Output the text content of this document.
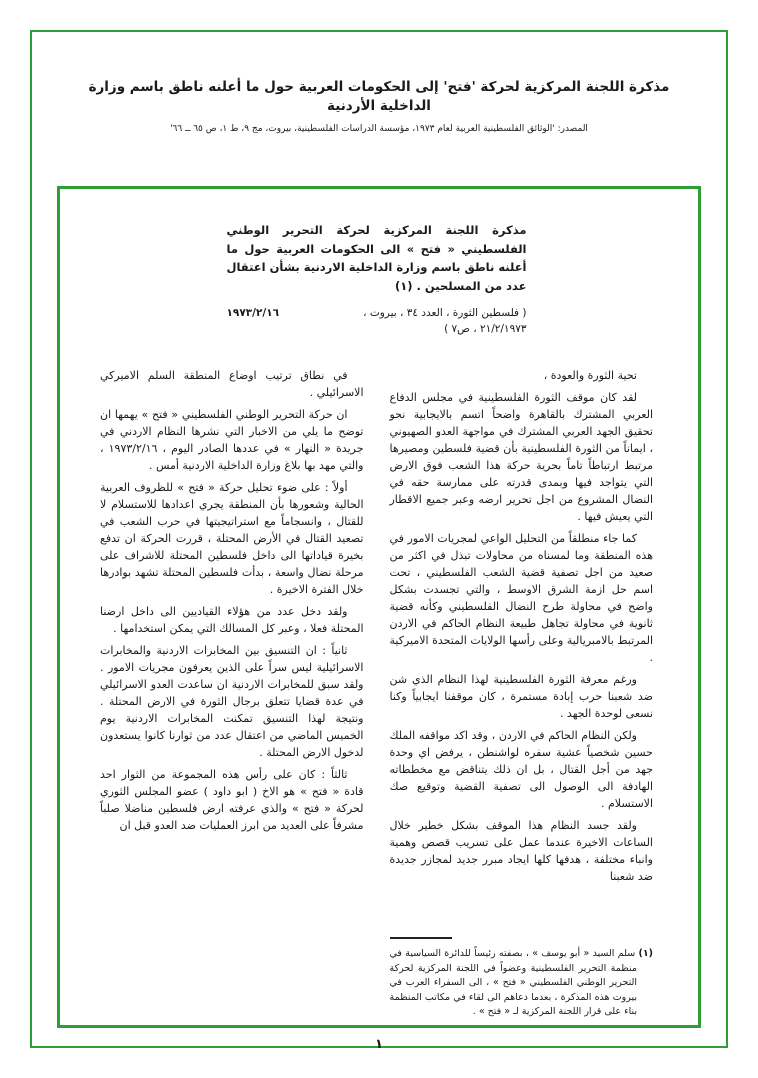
مذكرة اللجنة المركزية لحركة 'فتح' إلى الحكومات العربية حول ما أعلنه ناطق باسم وزارة الداخلية الأردنية
المصدر: 'الوثائق الفلسطينية العربية لعام ١٩٧٣، مؤسسة الدراسات الفلسطينية، بيروت، مج ٩، ط ١، ص ٦٥ ــ ٦٦'
مذكرة اللجنة المركزية لحركة التحرير الوطني الفلسطيني « فتح » الى الحكومات العربية حول ما أعلنه ناطق باسم وزارة الداخلية الاردنية بشأن اعتقال عدد من المسلحين . (١)
( فلسطين الثورة ، العدد ٣٤ ، بيروت ، ٢١/٢/١٩٧٣ ، ص٧ )
١٩٧٣/٢/١٦

تحية الثورة والعودة ،

لقد كان موقف الثورة الفلسطينية في مجلس الدفاع العربي المشترك بالقاهرة واضحاً اتسم بالايجابية نحو تحقيق الجهد العربي المشترك في مواجهة العدو الصهيوني ، ايماناً من الثورة الفلسطينية بأن قضية فلسطين ومصيرها مرتبط ارتباطاً تاماً بحرية حركة هذا الشعب فوق الارض التي يتواجد فيها وبمدى قدرته على ممارسة حقه في النضال المشروع من اجل تحرير ارضه وعبر جميع الاقطار التي يعيش فيها .

كما جاء منطلقاً من التحليل الواعي لمجريات الامور في هذه المنطقة وما لمسناه من محاولات تبذل في اكثر من صعيد من اجل تصفية قضية الشعب الفلسطيني ، تحت اسم حل ازمة الشرق الاوسط ، والتي تجسدت بشكل واضح في محاولة طرح النضال الفلسطيني وكأنه قضية ثانوية في محاولة تجاهل طبيعة النظام الحاكم في الاردن المرتبط بالامبريالية وعلى رأسها الولايات المتحدة الاميركية .

ورغم معرفة الثورة الفلسطينية لهذا النظام الذي شن ضد شعبنا حرب إبادة مستمرة ، كان موقفنا ايجابياً وكنا نسعى لوحدة الجهد .

ولكن النظام الحاكم في الاردن ، وقد اكد مواقفه الملك حسين شخصياً عشية سفره لواشنطن ، يرفض اي وحدة جهد من أجل القتال ، بل ان ذلك يتناقض مع مخططاته الهادفة الى الوصول الى تصفية القضية وتوقيع صك الاستسلام .

ولقد جسد النظام هذا الموقف بشكل خطير خلال الساعات الاخيرة عندما عمل على تسريب قصص وهمية وانباء مختلفة ، هدفها كلها ايجاد مبرر جديد لمجازر جديدة ضد شعبنا

(١) سلم السيد « أبو يوسف » ، بصفته رئيساً للدائرة السياسية في منظمة التحرير الفلسطينية وعضواً في اللجنة المركزية لحركة التحرير الوطني الفلسطيني « فتح » ، الى السفراء العرب في بيروت هذه المذكرة ، بعدما دعاهم الى لقاء في مكاتب المنظمة بناء على قرار اللجنة المركزية لـ « فتح » .

في نطاق ترتيب اوضاع المنطقة السلم الاميركي الاسرائيلي .

ان حركة التحرير الوطني الفلسطيني « فتح » يهمها ان توضح ما يلي من الاخبار التي نشرها النظام الاردني في جريدة « النهار » في عددها الصادر اليوم ، ١٩٧٣/٢/١٦ ، والتي مهد بها بلاغ وزارة الداخلية الاردنية أمس .

أولاً : على ضوء تحليل حركة « فتح » للظروف العربية الحالية وشعورها بأن المنطقة يجري اعدادها للاستسلام لا للقتال ، وانسجاماً مع استراتيجيتها في حرب الشعب في تصعيد القتال في الأرض المحتلة ، قررت الحركة ان تدفع بخيرة قياداتها الى داخل فلسطين المحتلة للاشراف على مرحلة نضال واسعة ، بدأت فلسطين المحتلة تشهد بوادرها خلال الفترة الاخيرة .

ولقد دخل عدد من هؤلاء القياديين الى داخل ارضنا المحتلة فعلا ، وعبر كل المسالك التي يمكن استخدامها .

ثانياً : ان التنسيق بين المخابرات الاردنية والمخابرات الاسرائيلية ليس سراً على الذين يعرفون مجريات الامور . ولقد سبق للمخابرات الاردنية ان ساعدت العدو الاسرائيلي في عدة قضايا تتعلق برجال الثورة في الارض المحتلة . ونتيجة لهذا التنسيق تمكنت المخابرات الاردنية يوم الخميس الماضي من اعتقال عدد من ثوارنا كانوا يستعدون لدخول الارض المحتلة .

ثالثاً : كان على رأس هذه المجموعة من الثوار احد قادة « فتح » هو الاخ ( ابو داود ) عضو المجلس الثوري لحركة « فتح » والذي عرفته ارض فلسطين مناضلا صلباً مشرفاً على العديد من ابرز العمليات ضد العدو قبل ان

١
